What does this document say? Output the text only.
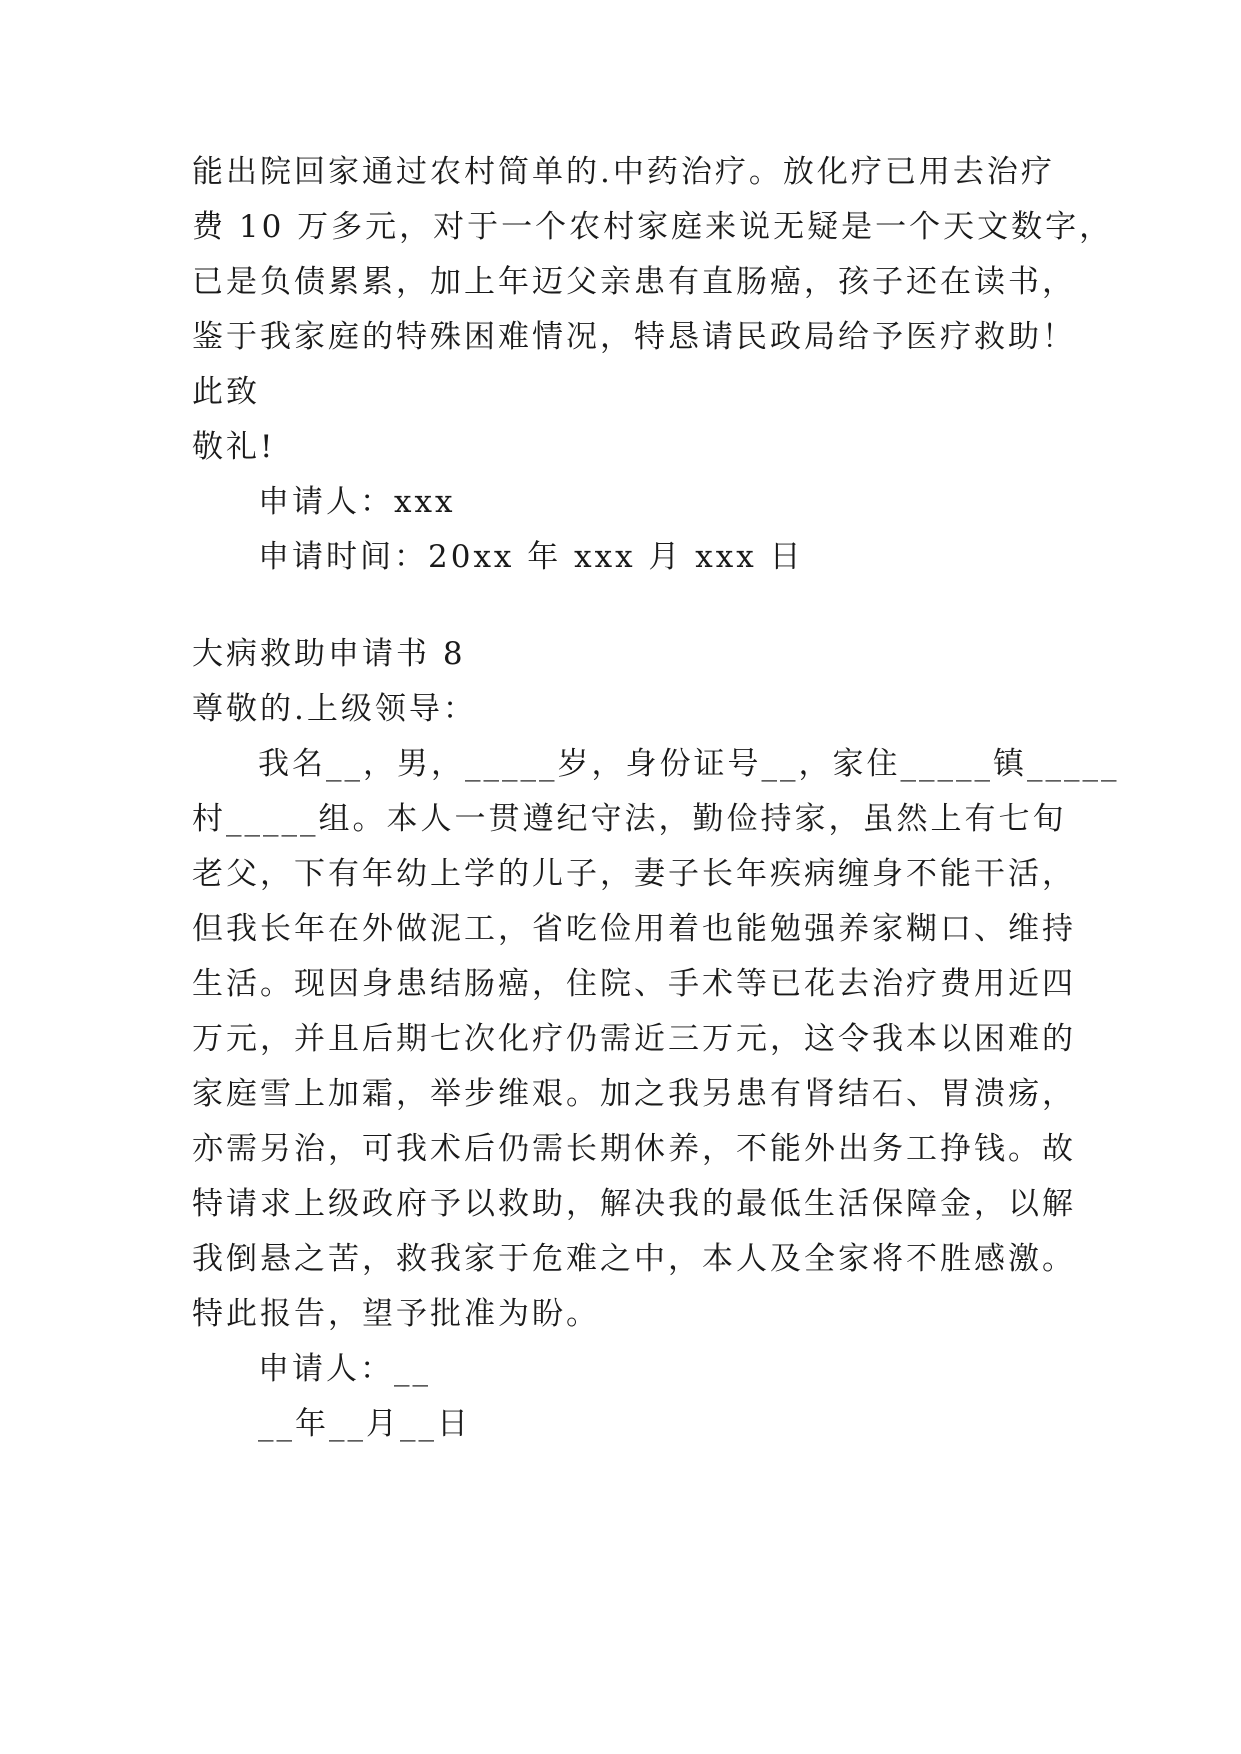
能出院回家通过农村简单的.中药治疗。放化疗已用去治疗
费 10 万多元，对于一个农村家庭来说无疑是一个天文数字，
已是负债累累，加上年迈父亲患有直肠癌，孩子还在读书，
鉴于我家庭的特殊困难情况，特恳请民政局给予医疗救助！
此致
敬礼!
申请人：xxx
申请时间：20xx 年 xxx 月 xxx 日
大病救助申请书 8
尊敬的.上级领导：
我名__，男，_____岁，身份证号__，家住_____镇_____
村_____组。本人一贯遵纪守法，勤俭持家，虽然上有七旬
老父，下有年幼上学的儿子，妻子长年疾病缠身不能干活，
但我长年在外做泥工，省吃俭用着也能勉强养家糊口、维持
生活。现因身患结肠癌，住院、手术等已花去治疗费用近四
万元，并且后期七次化疗仍需近三万元，这令我本以困难的
家庭雪上加霜，举步维艰。加之我另患有肾结石、胃溃疡，
亦需另治，可我术后仍需长期休养，不能外出务工挣钱。故
特请求上级政府予以救助，解决我的最低生活保障金，以解
我倒悬之苦，救我家于危难之中，本人及全家将不胜感激。
特此报告，望予批准为盼。
申请人：__
__年__月__日
